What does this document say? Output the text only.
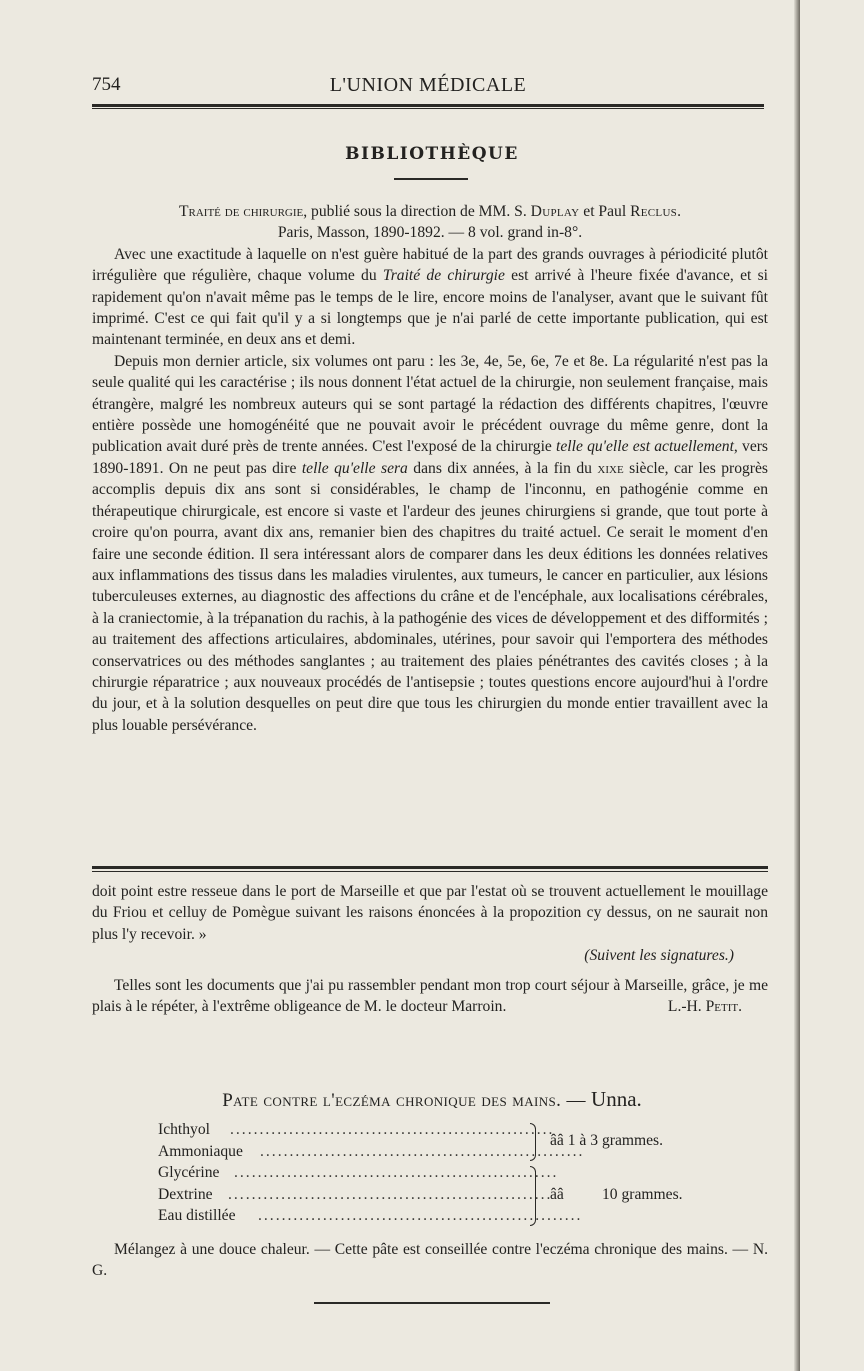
754	L'UNION MÉDICALE
BIBLIOTHÈQUE

Traité de chirurgie, publié sous la direction de MM. S. Duplay et Paul Reclus.

Paris, Masson, 1890-1892. — 8 vol. grand in-8°.

Avec une exactitude à laquelle on n'est guère habitué de la part des grands ouvrages à périodicité plutôt irrégulière que régulière, chaque volume du Traité de chirurgie est arrivé à l'heure fixée d'avance, et si rapidement qu'on n'avait même pas le temps de le lire, encore moins de l'analyser, avant que le suivant fût imprimé. C'est ce qui fait qu'il y a si longtemps que je n'ai parlé de cette importante publication, qui est maintenant terminée, en deux ans et demi.

Depuis mon dernier article, six volumes ont paru : les 3e, 4e, 5e, 6e, 7e et 8e. La régularité n'est pas la seule qualité qui les caractérise ; ils nous donnent l'état actuel de la chirurgie, non seulement française, mais étrangère, malgré les nombreux auteurs qui se sont partagé la rédaction des différents chapitres, l'œuvre entière possède une homogénéité que ne pouvait avoir le précédent ouvrage du même genre, dont la publication avait duré près de trente années. C'est l'exposé de la chirurgie telle qu'elle est actuellement, vers 1890-1891. On ne peut pas dire telle qu'elle sera dans dix années, à la fin du xixe siècle, car les progrès accomplis depuis dix ans sont si considérables, le champ de l'inconnu, en pathogénie comme en thérapeutique chirurgicale, est encore si vaste et l'ardeur des jeunes chirurgiens si grande, que tout porte à croire qu'on pourra, avant dix ans, remanier bien des chapitres du traité actuel. Ce serait le moment d'en faire une seconde édition. Il sera intéressant alors de comparer dans les deux éditions les données relatives aux inflammations des tissus dans les maladies virulentes, aux tumeurs, le cancer en particulier, aux lésions tuberculeuses externes, au diagnostic des affections du crâne et de l'encéphale, aux localisations cérébrales, à la craniectomie, à la trépanation du rachis, à la pathogénie des vices de développement et des difformités ; au traitement des affections articulaires, abdominales, utérines, pour savoir qui l'emportera des méthodes conservatrices ou des méthodes sanglantes ; au traitement des plaies pénétrantes des cavités closes ; à la chirurgie réparatrice ; aux nouveaux procédés de l'antisepsie ; toutes questions encore aujourd'hui à l'ordre du jour, et à la solution desquelles on peut dire que tous les chirurgien du monde entier travaillent avec la plus louable persévérance.

doit point estre resseue dans le port de Marseille et que par l'estat où se trouvent actuellement le mouillage du Friou et celluy de Pomègue suivant les raisons énoncées à la propozition cy dessus, on ne saurait non plus l'y recevoir. »

(Suivent les signatures.)

Telles sont les documents que j'ai pu rassembler pendant mon trop court séjour à Marseille, grâce, je me plais à le répéter, à l'extrême obligeance de M. le docteur Marroin.	L.-H. Petit.

Pate contre l'eczéma chronique des mains. — Unna.
Ichthyol .......................................................
Ammoniaque .......................................................
Glycérine .......................................................
Dextrine .......................................................
Eau distillée .......................................................
ââ 1 à 3 grammes.
ââ 10 grammes.

Mélangez à une douce chaleur. — Cette pâte est conseillée contre l'eczéma chronique des mains. — N. G.
